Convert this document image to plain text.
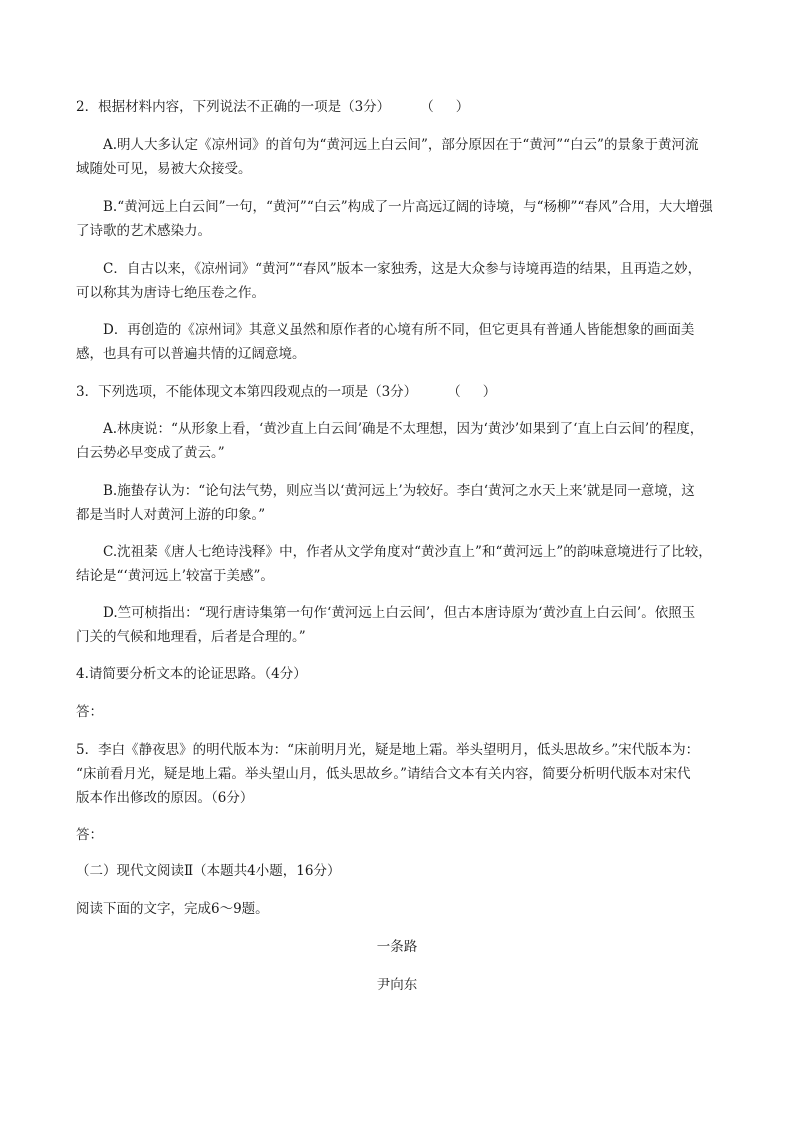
2．根据材料内容，下列说法不正确的一项是（3分） （ ）
A.明人大多认定《凉州词》的首句为“黄河远上白云间”，部分原因在于“黄河”“白云”的景象于黄河流
域随处可见，易被大众接受。
B.“黄河远上白云间”一句，“黄河”“白云”构成了一片高远辽阔的诗境，与“杨柳”“春风”合用，大大增强
了诗歌的艺术感染力。
C．自古以来，《凉州词》“黄河”“春风”版本一家独秀，这是大众参与诗境再造的结果，且再造之妙，
可以称其为唐诗七绝压卷之作。
D．再创造的《凉州词》其意义虽然和原作者的心境有所不同，但它更具有普通人皆能想象的画面美
感，也具有可以普遍共情的辽阔意境。
3．下列选项，不能体现文本第四段观点的一项是（3分） （ ）
A.林庚说：“从形象上看，‘黄沙直上白云间’确是不太理想，因为‘黄沙’如果到了‘直上白云间’的程度，
白云势必早变成了黄云。”
B.施蛰存认为：“论句法气势，则应当以‘黄河远上’为较好。李白‘黄河之水天上来’就是同一意境，这
都是当时人对黄河上游的印象。”
C.沈祖棻《唐人七绝诗浅释》中，作者从文学角度对“黄沙直上”和“黄河远上”的韵味意境进行了比较，
结论是“‘黄河远上’较富于美感”。
D.竺可桢指出：“现行唐诗集第一句作‘黄河远上白云间’，但古本唐诗原为‘黄沙直上白云间’。依照玉
门关的气候和地理看，后者是合理的。”
4.请简要分析文本的论证思路。（4分）
答：
5．李白《静夜思》的明代版本为：“床前明月光，疑是地上霜。举头望明月，低头思故乡。”宋代版本为：
“床前看月光，疑是地上霜。举头望山月，低头思故乡。”请结合文本有关内容，简要分析明代版本对宋代
版本作出修改的原因。（6分）
答：
（二）现代文阅读Ⅱ（本题共4小题，16分）
阅读下面的文字，完成6～9题。
一条路
尹向东
